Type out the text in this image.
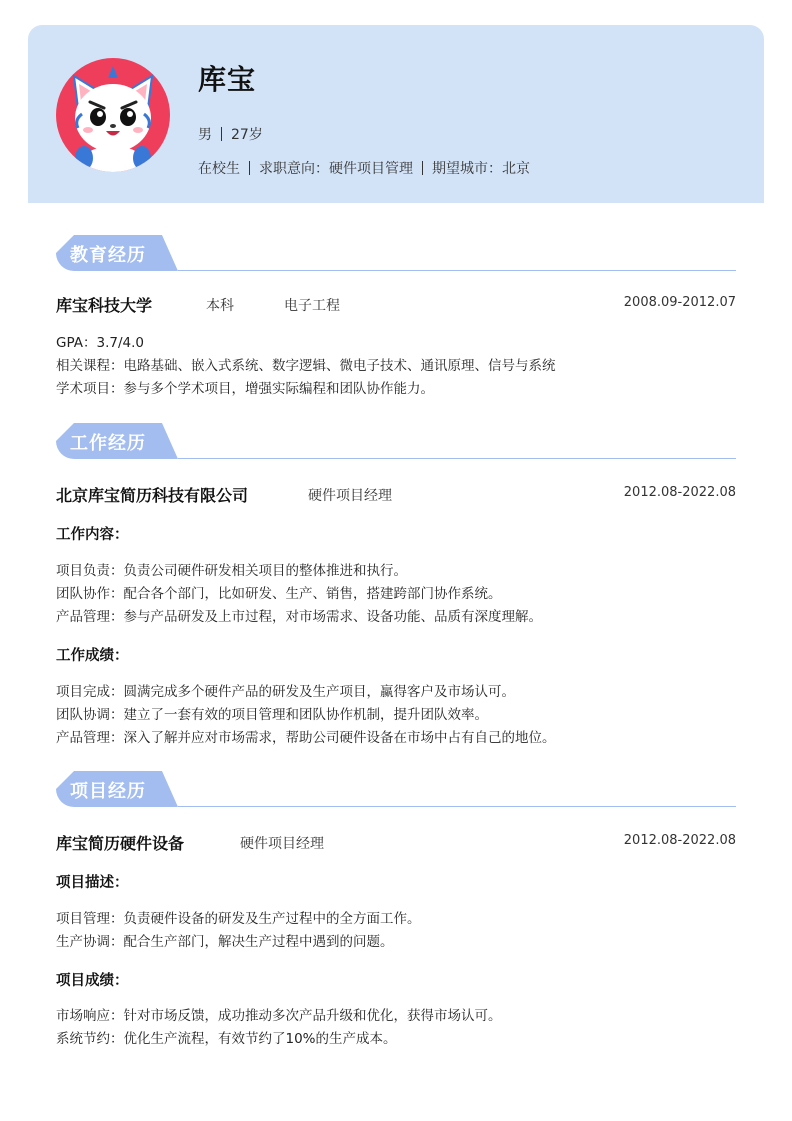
库宝
男 27岁
在校生 求职意向：硬件项目管理 期望城市：北京
教育经历
库宝科技大学	本科	电子工程	2008.09-2012.07
GPA：3.7/4.0
相关课程：电路基础、嵌入式系统、数字逻辑、微电子技术、通讯原理、信号与系统
学术项目：参与多个学术项目，增强实际编程和团队协作能力。
工作经历
北京库宝简历科技有限公司	硬件项目经理	2012.08-2022.08
工作内容：
项目负责：负责公司硬件研发相关项目的整体推进和执行。
团队协作：配合各个部门，比如研发、生产、销售，搭建跨部门协作系统。
产品管理：参与产品研发及上市过程，对市场需求、设备功能、品质有深度理解。
工作成绩：
项目完成：圆满完成多个硬件产品的研发及生产项目，赢得客户及市场认可。
团队协调：建立了一套有效的项目管理和团队协作机制，提升团队效率。
产品管理：深入了解并应对市场需求，帮助公司硬件设备在市场中占有自己的地位。
项目经历
库宝简历硬件设备	硬件项目经理	2012.08-2022.08
项目描述：
项目管理：负责硬件设备的研发及生产过程中的全方面工作。
生产协调：配合生产部门，解决生产过程中遇到的问题。
项目成绩：
市场响应：针对市场反馈，成功推动多次产品升级和优化，获得市场认可。
系统节约：优化生产流程，有效节约了10%的生产成本。
